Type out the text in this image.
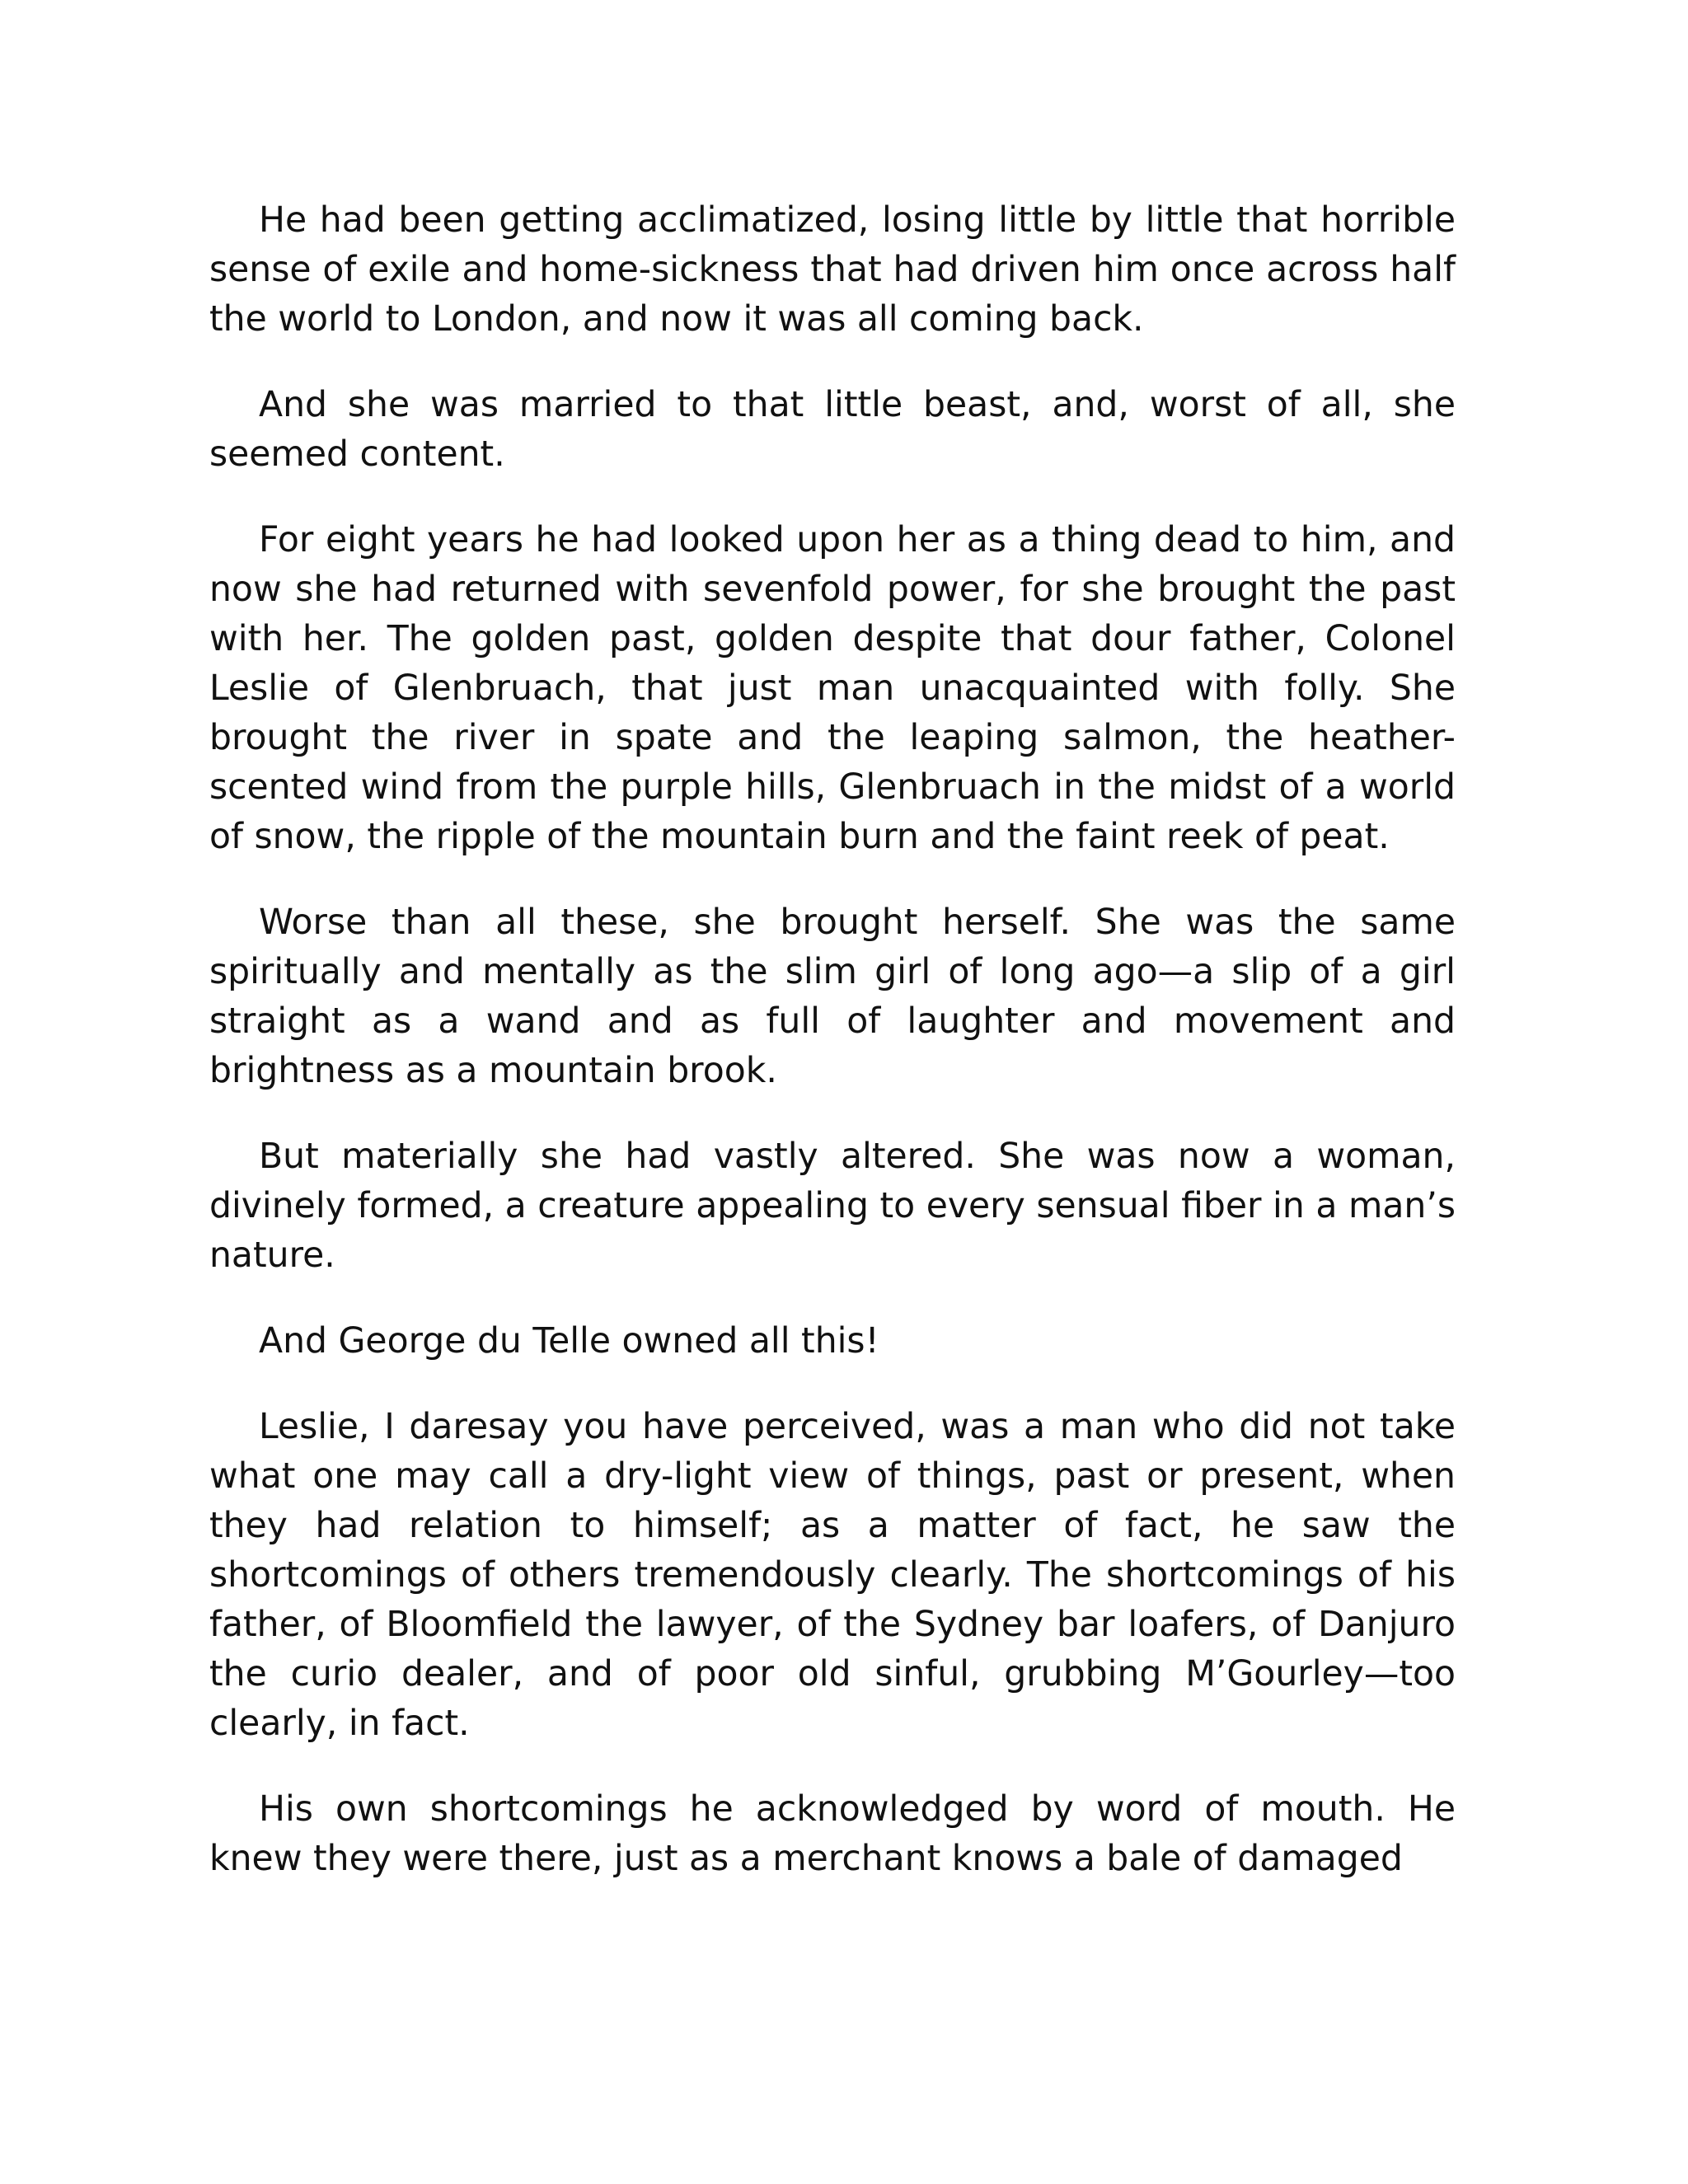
He had been getting acclimatized, losing little by little that horrible sense of exile and home-sickness that had driven him once across half the world to London, and now it was all coming back.

And she was married to that little beast, and, worst of all, she seemed content.

For eight years he had looked upon her as a thing dead to him, and now she had returned with sevenfold power, for she brought the past with her. The golden past, golden despite that dour father, Colonel Leslie of Glenbruach, that just man unacquainted with folly. She brought the river in spate and the leaping salmon, the heather-scented wind from the purple hills, Glenbruach in the midst of a world of snow, the ripple of the mountain burn and the faint reek of peat.

Worse than all these, she brought herself. She was the same spiritually and mentally as the slim girl of long ago—a slip of a girl straight as a wand and as full of laughter and movement and brightness as a mountain brook.

But materially she had vastly altered. She was now a woman, divinely formed, a creature appealing to every sensual fiber in a man’s nature.

And George du Telle owned all this!

Leslie, I daresay you have perceived, was a man who did not take what one may call a dry-light view of things, past or present, when they had relation to himself; as a matter of fact, he saw the shortcomings of others tremendously clearly. The shortcomings of his father, of Bloomfield the lawyer, of the Sydney bar loafers, of Danjuro the curio dealer, and of poor old sinful, grubbing M’Gourley—too clearly, in fact.

His own shortcomings he acknowledged by word of mouth. He knew they were there, just as a merchant knows a bale of damaged
